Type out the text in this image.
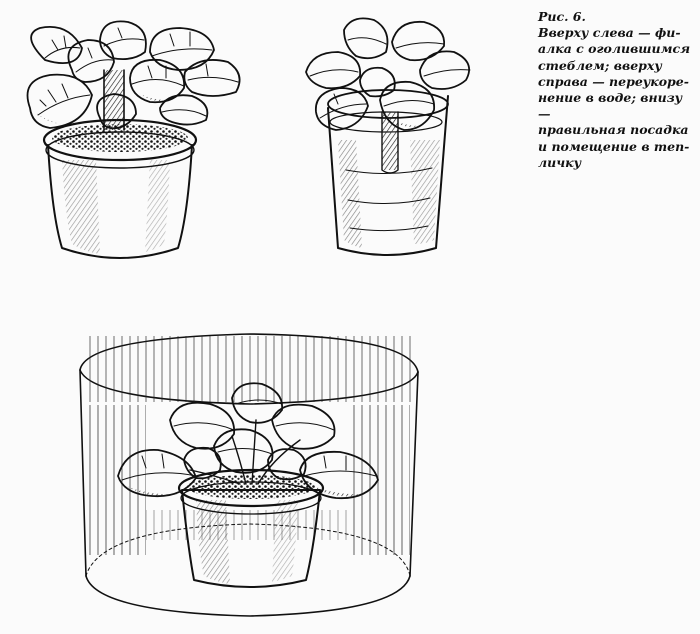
Рис. 6.
Вверху слева — фи-
алка с оголившимся
стеблем; вверху
справа — переукоре-
нение в воде; внизу —
правильная посадка
и помещение в теп-
личку
